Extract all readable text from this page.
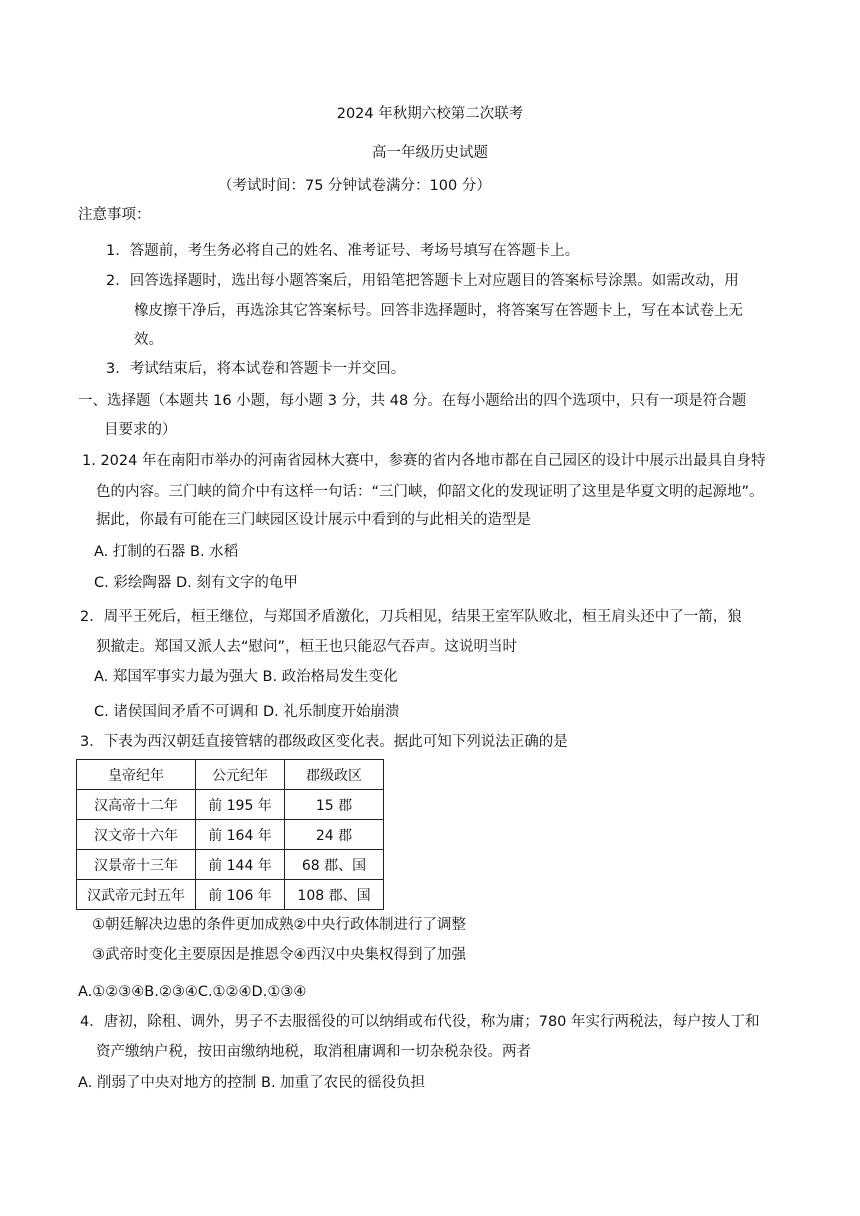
2024 年秋期六校第二次联考
高一年级历史试题
（考试时间：75 分钟试卷满分：100 分）
注意事项：
1．答题前，考生务必将自己的姓名、准考证号、考场号填写在答题卡上。
2．回答选择题时，选出每小题答案后，用铅笔把答题卡上对应题目的答案标号涂黑。如需改动，用
橡皮擦干净后，再选涂其它答案标号。回答非选择题时，将答案写在答题卡上，写在本试卷上无
效。
3．考试结束后，将本试卷和答题卡一并交回。
一、选择题（本题共 16 小题，每小题 3 分，共 48 分。在每小题给出的四个选项中，只有一项是符合题
目要求的）
1. 2024 年在南阳市举办的河南省园林大赛中，参赛的省内各地市都在自己园区的设计中展示出最具自身特
色的内容。三门峡的简介中有这样一句话：“三门峡，仰韶文化的发现证明了这里是华夏文明的起源地”。
据此，你最有可能在三门峡园区设计展示中看到的与此相关的造型是
A. 打制的石器 B. 水稻
C. 彩绘陶器 D. 刻有文字的龟甲
2．周平王死后，桓王继位，与郑国矛盾激化，刀兵相见，结果王室军队败北，桓王肩头还中了一箭，狼
狈撤走。郑国又派人去“慰问”，桓王也只能忍气吞声。这说明当时
A. 郑国军事实力最为强大 B. 政治格局发生变化
C. 诸侯国间矛盾不可调和 D. 礼乐制度开始崩溃
3．下表为西汉朝廷直接管辖的郡级政区变化表。据此可知下列说法正确的是
皇帝纪年	公元纪年	郡级政区
汉高帝十二年	前 195 年	15 郡
汉文帝十六年	前 164 年	24 郡
汉景帝十三年	前 144 年	68 郡、国
汉武帝元封五年	前 106 年	108 郡、国
①朝廷解决边患的条件更加成熟②中央行政体制进行了调整
③武帝时变化主要原因是推恩令④西汉中央集权得到了加强
A.①②③④B.②③④C.①②④D.①③④
4．唐初，除租、调外，男子不去服徭役的可以纳绢或布代役，称为庸；780 年实行两税法，每户按人丁和
资产缴纳户税，按田亩缴纳地税，取消租庸调和一切杂税杂役。两者
A. 削弱了中央对地方的控制 B. 加重了农民的徭役负担
